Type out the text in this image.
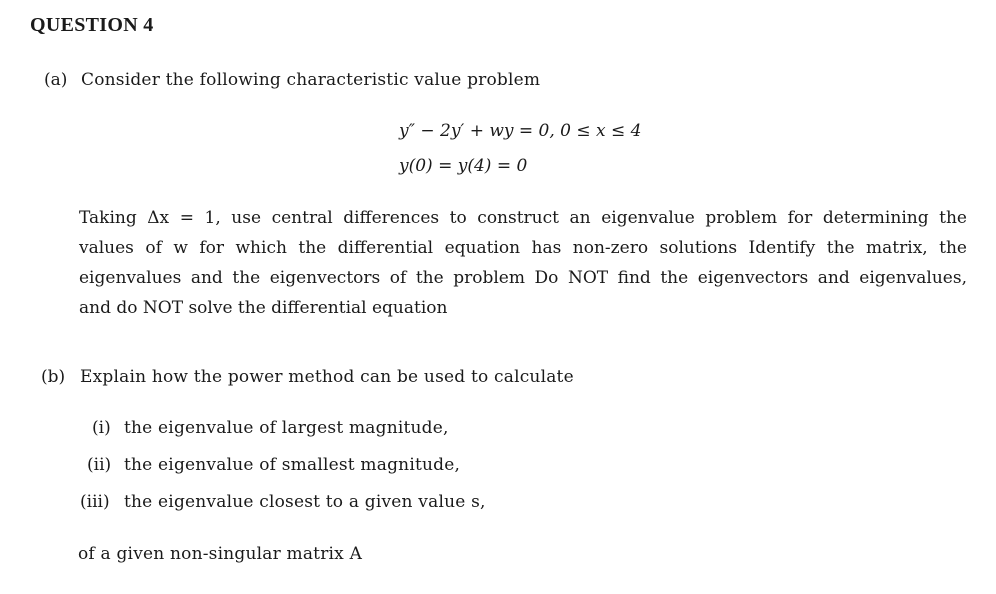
QUESTION 4
(a) Consider the following characteristic value problem
y″ − 2y′ + wy = 0, 0 ≤ x ≤ 4
y(0) = y(4) = 0
Taking Δx = 1, use central differences to construct an eigenvalue problem for determining the
values of w for which the differential equation has non-zero solutions Identify the matrix, the
eigenvalues and the eigenvectors of the problem Do NOT find the eigenvectors and eigenvalues,
and do NOT solve the differential equation
(b) Explain how the power method can be used to calculate
(i) the eigenvalue of largest magnitude,
(ii) the eigenvalue of smallest magnitude,
(iii) the eigenvalue closest to a given value s,
of a given non-singular matrix A
